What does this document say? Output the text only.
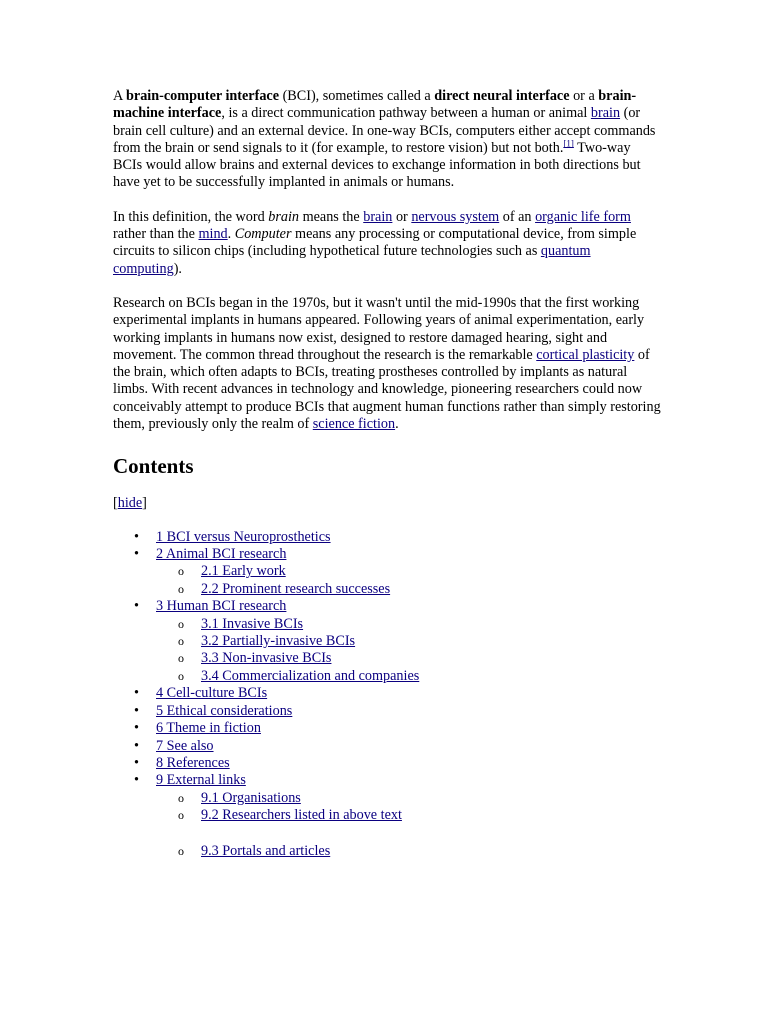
A brain-computer interface (BCI), sometimes called a direct neural interface or a brain-machine interface, is a direct communication pathway between a human or animal brain (or brain cell culture) and an external device. In one-way BCIs, computers either accept commands from the brain or send signals to it (for example, to restore vision) but not both.[1] Two-way BCIs would allow brains and external devices to exchange information in both directions but have yet to be successfully implanted in animals or humans.

In this definition, the word brain means the brain or nervous system of an organic life form rather than the mind. Computer means any processing or computational device, from simple circuits to silicon chips (including hypothetical future technologies such as quantum computing).

Research on BCIs began in the 1970s, but it wasn't until the mid-1990s that the first working experimental implants in humans appeared. Following years of animal experimentation, early working implants in humans now exist, designed to restore damaged hearing, sight and movement. The common thread throughout the research is the remarkable cortical plasticity of the brain, which often adapts to BCIs, treating prostheses controlled by implants as natural limbs. With recent advances in technology and knowledge, pioneering researchers could now conceivably attempt to produce BCIs that augment human functions rather than simply restoring them, previously only the realm of science fiction.

Contents
[hide]
• 1 BCI versus Neuroprosthetics
• 2 Animal BCI research
o 2.1 Early work
o 2.2 Prominent research successes
• 3 Human BCI research
o 3.1 Invasive BCIs
o 3.2 Partially-invasive BCIs
o 3.3 Non-invasive BCIs
o 3.4 Commercialization and companies
• 4 Cell-culture BCIs
• 5 Ethical considerations
• 6 Theme in fiction
• 7 See also
• 8 References
• 9 External links
o 9.1 Organisations
o 9.2 Researchers listed in above text
o 9.3 Portals and articles
